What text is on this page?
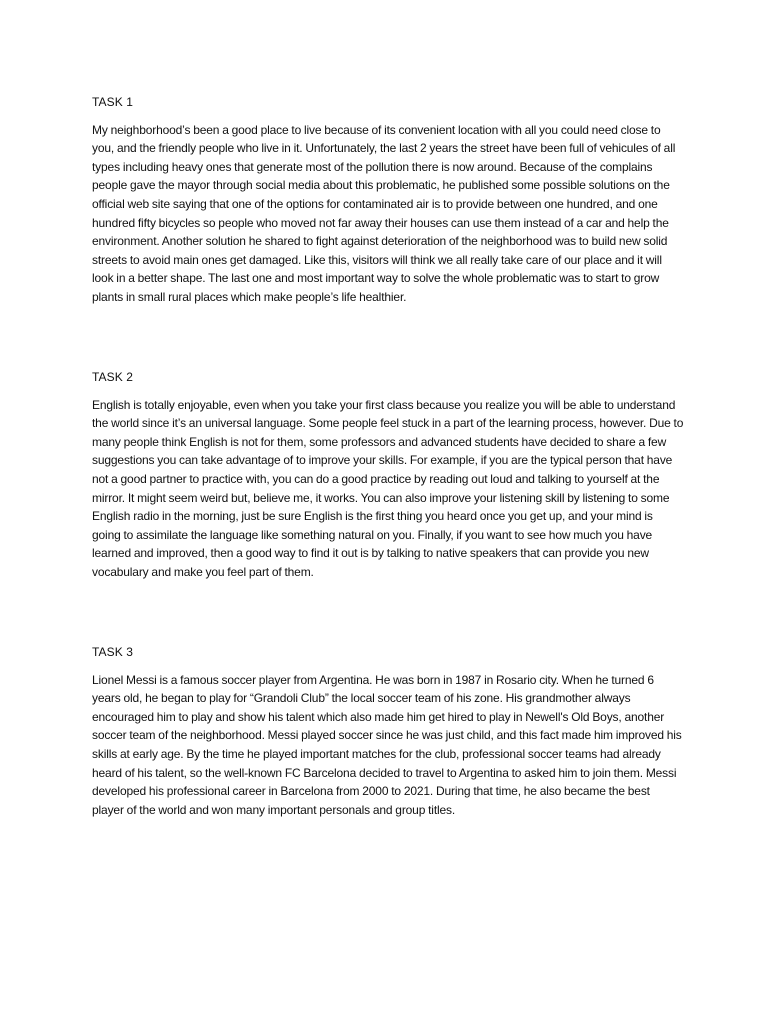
TASK 1

My neighborhood’s been a good place to live because of its convenient location with all you could need close to you, and the friendly people who live in it. Unfortunately, the last 2 years the street have been full of vehicules of all types including heavy ones that generate most of the pollution there is now around. Because of the complains people gave the mayor through social media about this problematic, he published some possible solutions on the official web site saying that one of the options for contaminated air is to provide between one hundred, and one hundred fifty bicycles so people who moved not far away their houses can use them instead of a car and help the environment. Another solution he shared to fight against deterioration of the neighborhood was to build new solid streets to avoid main ones get damaged. Like this, visitors will think we all really take care of our place and it will look in a better shape. The last one and most important way to solve the whole problematic was to start to grow plants in small rural places which make people’s life healthier.

TASK 2

English is totally enjoyable, even when you take your first class because you realize you will be able to understand the world since it’s an universal language. Some people feel stuck in a part of the learning process, however. Due to many people think English is not for them, some professors and advanced students have decided to share a few suggestions you can take advantage of to improve your skills. For example, if you are the typical person that have not a good partner to practice with, you can do a good practice by reading out loud and talking to yourself at the mirror. It might seem weird but, believe me, it works. You can also improve your listening skill by listening to some English radio in the morning, just be sure English is the first thing you heard once you get up, and your mind is going to assimilate the language like something natural on you. Finally, if you want to see how much you have learned and improved, then a good way to find it out is by talking to native speakers that can provide you new vocabulary and make you feel part of them.

TASK 3

Lionel Messi is a famous soccer player from Argentina. He was born in 1987 in Rosario city. When he turned 6 years old, he began to play for “Grandoli Club” the local soccer team of his zone. His grandmother always encouraged him to play and show his talent which also made him get hired to play in Newell's Old Boys, another soccer team of the neighborhood. Messi played soccer since he was just child, and this fact made him improved his skills at early age. By the time he played important matches for the club, professional soccer teams had already heard of his talent, so the well-known FC Barcelona decided to travel to Argentina to asked him to join them. Messi developed his professional career in Barcelona from 2000 to 2021. During that time, he also became the best player of the world and won many important personals and group titles.
